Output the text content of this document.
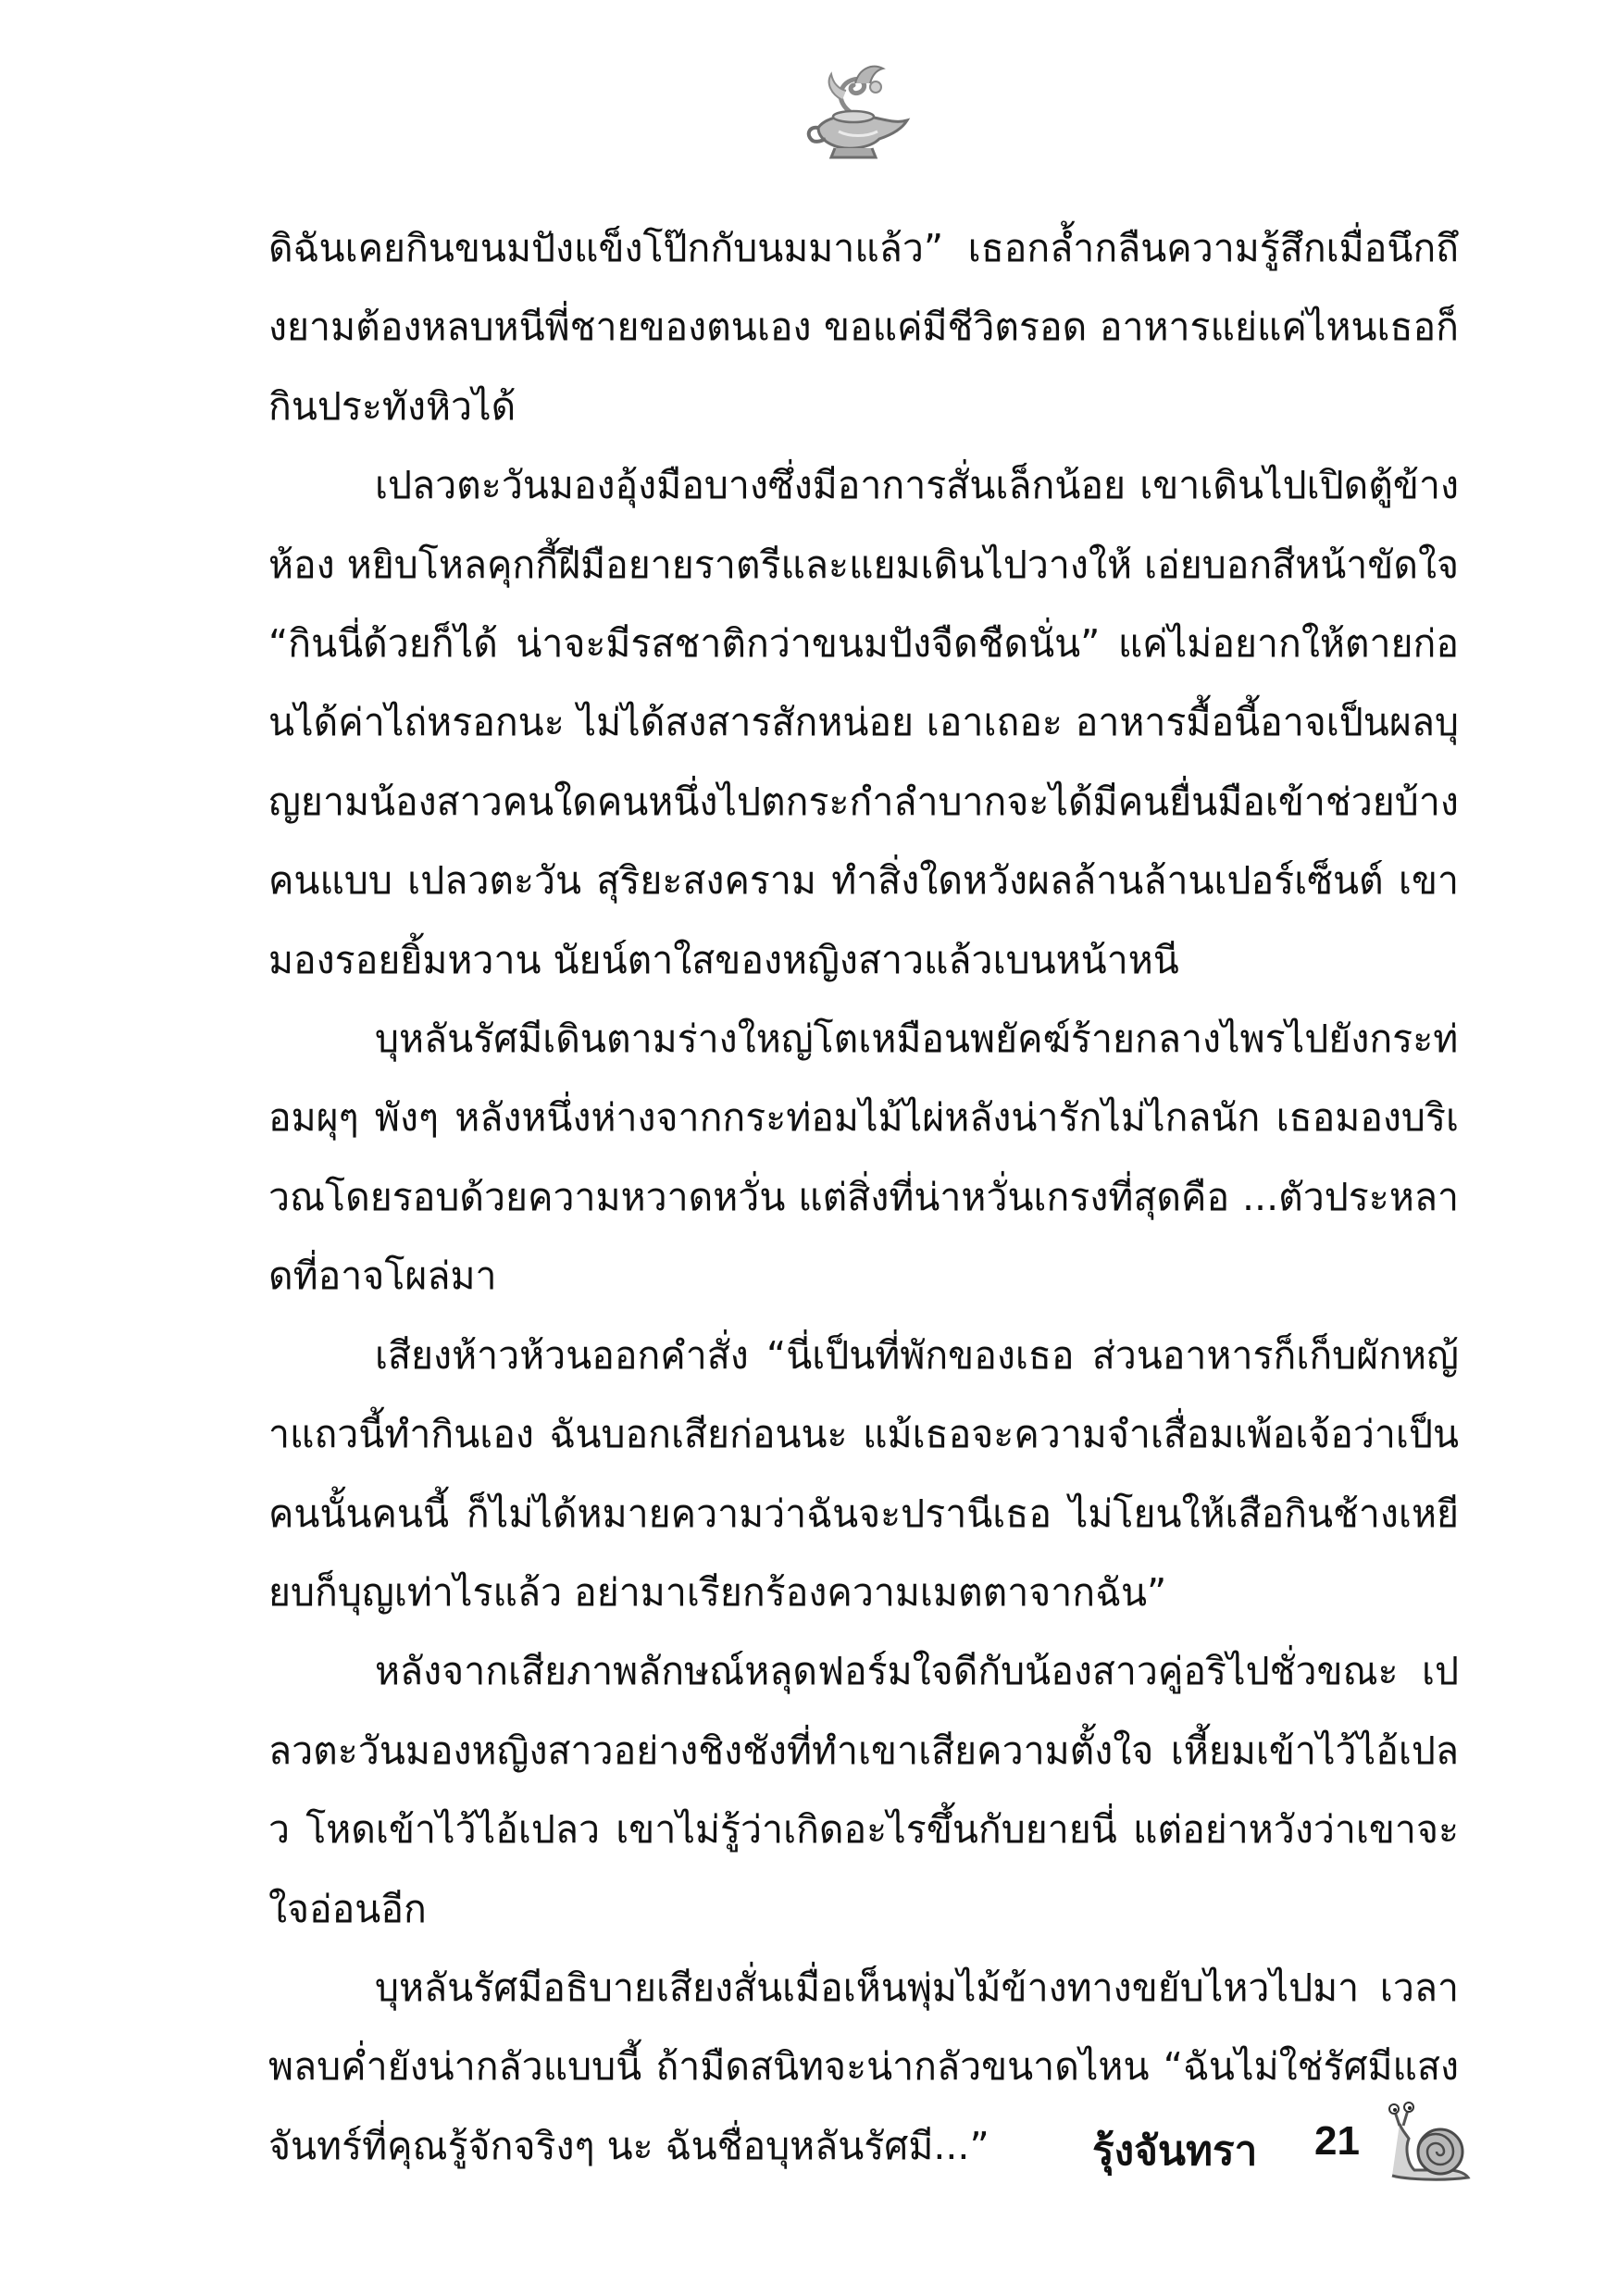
ดิฉันเคยกินขนมปังแข็งโป๊กกับนมมาแล้ว” เธอกล้ำกลืนความรู้สึกเมื่อนึกถึงยามต้องหลบหนีพี่ชายของตนเอง ขอแค่มีชีวิตรอด อาหารแย่แค่ไหนเธอก็กินประทังหิวได้

เปลวตะวันมองอุ้งมือบางซึ่งมีอาการสั่นเล็กน้อย เขาเดินไปเปิดตู้ข้างห้อง หยิบโหลคุกกี้ฝีมือยายราตรีและแยมเดินไปวางให้ เอ่ยบอกสีหน้าขัดใจ “กินนี่ด้วยก็ได้ น่าจะมีรสชาติกว่าขนมปังจืดชืดนั่น” แค่ไม่อยากให้ตายก่อนได้ค่าไถ่หรอกนะ ไม่ได้สงสารสักหน่อย เอาเถอะ อาหารมื้อนี้อาจเป็นผลบุญยามน้องสาวคนใดคนหนึ่งไปตกระกำลำบากจะได้มีคนยื่นมือเข้าช่วยบ้าง คนแบบ เปลวตะวัน สุริยะสงคราม ทำสิ่งใดหวังผลล้านล้านเปอร์เซ็นต์ เขามองรอยยิ้มหวาน นัยน์ตาใสของหญิงสาวแล้วเบนหน้าหนี

บุหลันรัศมีเดินตามร่างใหญ่โตเหมือนพยัคฆ์ร้ายกลางไพรไปยังกระท่อมผุๆ พังๆ หลังหนึ่งห่างจากกระท่อมไม้ไผ่หลังน่ารักไม่ไกลนัก เธอมองบริเวณโดยรอบด้วยความหวาดหวั่น แต่สิ่งที่น่าหวั่นเกรงที่สุดคือ ...ตัวประหลาดที่อาจโผล่มา

เสียงห้าวห้วนออกคำสั่ง “นี่เป็นที่พักของเธอ ส่วนอาหารก็เก็บผักหญ้าแถวนี้ทำกินเอง ฉันบอกเสียก่อนนะ แม้เธอจะความจำเสื่อมเพ้อเจ้อว่าเป็นคนนั้นคนนี้ ก็ไม่ได้หมายความว่าฉันจะปรานีเธอ ไม่โยนให้เสือกินช้างเหยียบก็บุญเท่าไรแล้ว อย่ามาเรียกร้องความเมตตาจากฉัน”

หลังจากเสียภาพลักษณ์หลุดฟอร์มใจดีกับน้องสาวคู่อริไปชั่วขณะ เปลวตะวันมองหญิงสาวอย่างชิงชังที่ทำเขาเสียความตั้งใจ เหี้ยมเข้าไว้ไอ้เปลว โหดเข้าไว้ไอ้เปลว เขาไม่รู้ว่าเกิดอะไรขึ้นกับยายนี่ แต่อย่าหวังว่าเขาจะใจอ่อนอีก

บุหลันรัศมีอธิบายเสียงสั่นเมื่อเห็นพุ่มไม้ข้างทางขยับไหวไปมา เวลาพลบค่ำยังน่ากลัวแบบนี้ ถ้ามืดสนิทจะน่ากลัวขนาดไหน “ฉันไม่ใช่รัศมีแสงจันทร์ที่คุณรู้จักจริงๆ นะ ฉันชื่อบุหลันรัศมี...”	รุ้งจันทรา	21
